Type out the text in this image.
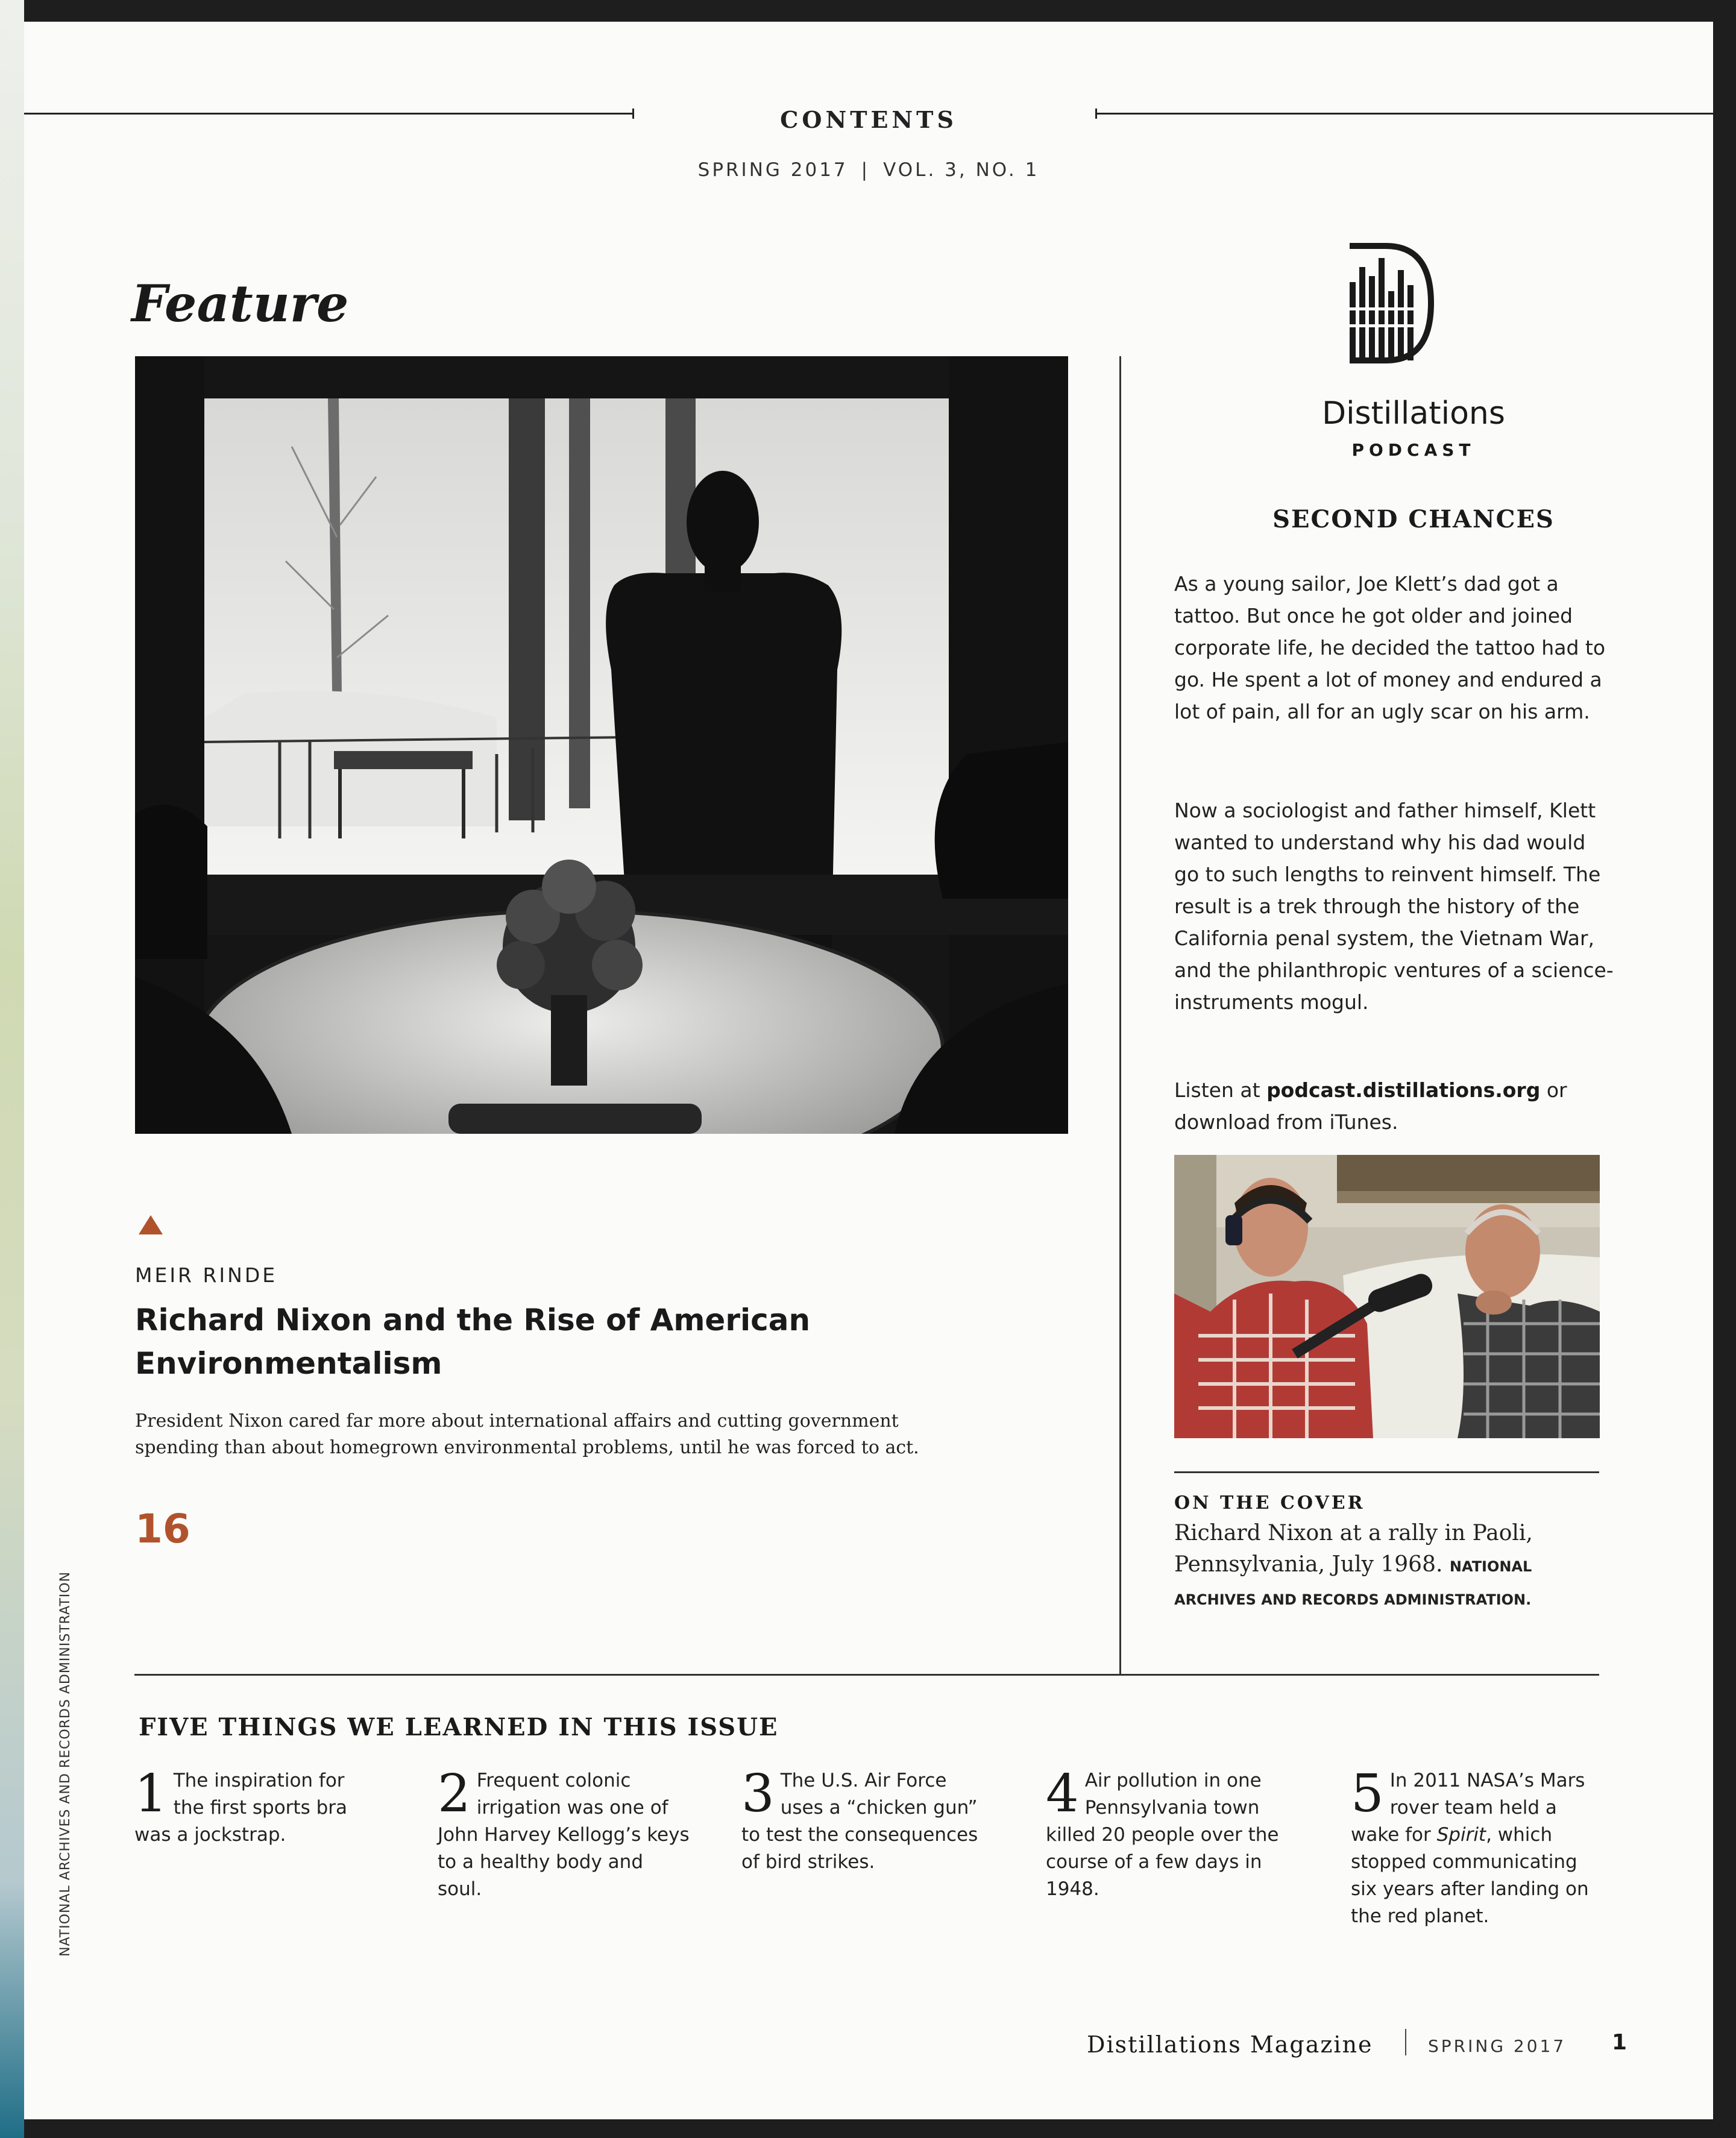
CONTENTS
SPRING 2017 | VOL. 3, NO. 1
Feature
MEIR RINDE
Richard Nixon and the Rise of American Environmentalism
President Nixon cared far more about international affairs and cutting government spending than about homegrown environmental problems, until he was forced to act.
16
Distillations
PODCAST
SECOND CHANCES
As a young sailor, Joe Klett’s dad got a tattoo. But once he got older and joined corporate life, he decided the tattoo had to go. He spent a lot of money and endured a lot of pain, all for an ugly scar on his arm.
Now a sociologist and father himself, Klett wanted to understand why his dad would go to such lengths to reinvent himself. The result is a trek through the history of the California penal system, the Vietnam War, and the philanthropic ventures of a science-instruments mogul.
Listen at podcast.distillations.org or download from iTunes.
ON THE COVER
Richard Nixon at a rally in Paoli, Pennsylvania, July 1968. NATIONAL ARCHIVES AND RECORDS ADMINISTRATION.
FIVE THINGS WE LEARNED IN THIS ISSUE
1 The inspiration for the first sports bra was a jockstrap.
2 Frequent colonic irrigation was one of John Harvey Kellogg’s keys to a healthy body and soul.
3 The U.S. Air Force uses a “chicken gun” to test the consequences of bird strikes.
4 Air pollution in one Pennsylvania town killed 20 people over the course of a few days in 1948.
5 In 2011 NASA’s Mars rover team held a wake for Spirit, which stopped communicating six years after landing on the red planet.
NATIONAL ARCHIVES AND RECORDS ADMINISTRATION
Distillations Magazine	SPRING 2017 1
